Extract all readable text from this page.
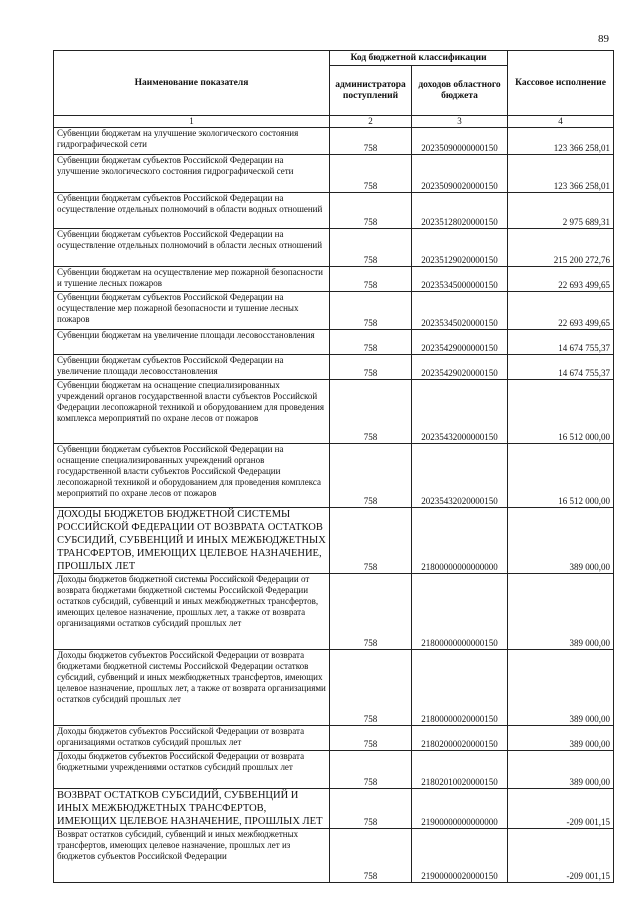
89
Наименование показателя	Код бюджетной классификации		Кассовое исполнение
	администратора поступлений	доходов областного бюджета	
1	2	3	4
Субвенции бюджетам на улучшение экологического состояния гидрографической сети	758	20235090000000150	123 366 258,01
Субвенции бюджетам субъектов Российской Федерации на улучшение экологического состояния гидрографической сети	758	20235090020000150	123 366 258,01
Субвенции бюджетам субъектов Российской Федерации на осуществление отдельных полномочий в области водных отношений	758	20235128020000150	2 975 689,31
Субвенции бюджетам субъектов Российской Федерации на осуществление отдельных полномочий в области лесных отношений	758	20235129020000150	215 200 272,76
Субвенции бюджетам на осуществление мер пожарной безопасности и тушение лесных пожаров	758	20235345000000150	22 693 499,65
Субвенции бюджетам субъектов Российской Федерации на осуществление мер пожарной безопасности и тушение лесных пожаров	758	20235345020000150	22 693 499,65
Субвенции бюджетам на увеличение площади лесовосстановления	758	20235429000000150	14 674 755,37
Субвенции бюджетам субъектов Российской Федерации на увеличение площади лесовосстановления	758	20235429020000150	14 674 755,37
Субвенции бюджетам на оснащение специализированных учреждений органов государственной власти субъектов Российской Федерации лесопожарной техникой и оборудованием для проведения комплекса мероприятий по охране лесов от пожаров	758	20235432000000150	16 512 000,00
Субвенции бюджетам субъектов Российской Федерации на оснащение специализированных учреждений органов государственной власти субъектов Российской Федерации лесопожарной техникой и оборудованием для проведения комплекса мероприятий по охране лесов от пожаров	758	20235432020000150	16 512 000,00
ДОХОДЫ БЮДЖЕТОВ БЮДЖЕТНОЙ СИСТЕМЫ РОССИЙСКОЙ ФЕДЕРАЦИИ ОТ ВОЗВРАТА ОСТАТКОВ СУБСИДИЙ, СУБВЕНЦИЙ И ИНЫХ МЕЖБЮДЖЕТНЫХ ТРАНСФЕРТОВ, ИМЕЮЩИХ ЦЕЛЕВОЕ НАЗНАЧЕНИЕ, ПРОШЛЫХ ЛЕТ	758	21800000000000000	389 000,00
Доходы бюджетов бюджетной системы Российской Федерации от возврата бюджетами бюджетной системы Российской Федерации остатков субсидий, субвенций и иных межбюджетных трансфертов, имеющих целевое назначение, прошлых лет, а также от возврата организациями остатков субсидий прошлых лет	758	21800000000000150	389 000,00
Доходы бюджетов субъектов Российской Федерации от возврата бюджетами бюджетной системы Российской Федерации остатков субсидий, субвенций и иных межбюджетных трансфертов, имеющих целевое назначение, прошлых лет, а также от возврата организациями остатков субсидий прошлых лет	758	21800000020000150	389 000,00
Доходы бюджетов субъектов Российской Федерации от возврата организациями остатков субсидий прошлых лет	758	21802000020000150	389 000,00
Доходы бюджетов субъектов Российской Федерации от возврата бюджетными учреждениями остатков субсидий прошлых лет	758	21802010020000150	389 000,00
ВОЗВРАТ ОСТАТКОВ СУБСИДИЙ, СУБВЕНЦИЙ И ИНЫХ МЕЖБЮДЖЕТНЫХ ТРАНСФЕРТОВ, ИМЕЮЩИХ ЦЕЛЕВОЕ НАЗНАЧЕНИЕ, ПРОШЛЫХ ЛЕТ	758	21900000000000000	-209 001,15
Возврат остатков субсидий, субвенций и иных межбюджетных трансфертов, имеющих целевое назначение, прошлых лет из бюджетов субъектов Российской Федерации	758	21900000020000150	-209 001,15
